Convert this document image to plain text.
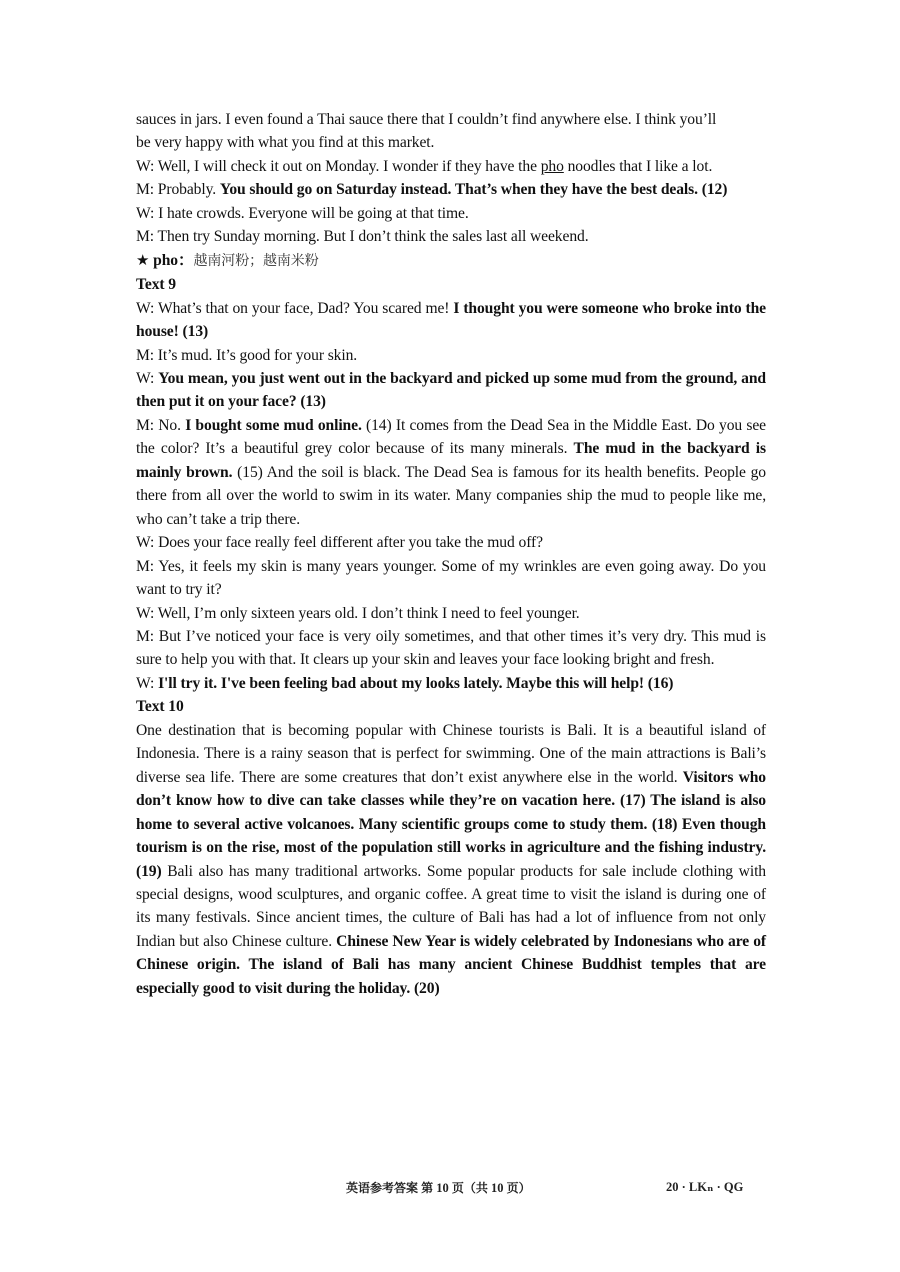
sauces in jars. I even found a Thai sauce there that I couldn’t find anywhere else. I think you’ll

be very happy with what you find at this market.

W: Well, I will check it out on Monday. I wonder if they have the pho noodles that I like a lot.

M: Probably. You should go on Saturday instead. That’s when they have the best deals. (12)

W: I hate crowds. Everyone will be going at that time.

M: Then try Sunday morning. But I don’t think the sales last all weekend.

★ pho：越南河粉；越南米粉

Text 9

W: What’s that on your face, Dad? You scared me! I thought you were someone who broke into the house! (13)

M: It’s mud. It’s good for your skin.

W: You mean, you just went out in the backyard and picked up some mud from the ground, and then put it on your face? (13)

M: No. I bought some mud online. (14) It comes from the Dead Sea in the Middle East. Do you see the color? It’s a beautiful grey color because of its many minerals. The mud in the backyard is mainly brown. (15) And the soil is black. The Dead Sea is famous for its health benefits. People go there from all over the world to swim in its water. Many companies ship the mud to people like me, who can’t take a trip there.

W: Does your face really feel different after you take the mud off?

M: Yes, it feels my skin is many years younger. Some of my wrinkles are even going away. Do you want to try it?

W: Well, I’m only sixteen years old. I don’t think I need to feel younger.

M: But I’ve noticed your face is very oily sometimes, and that other times it’s very dry. This mud is sure to help you with that. It clears up your skin and leaves your face looking bright and fresh.

W: I'll try it. I've been feeling bad about my looks lately. Maybe this will help! (16)

Text 10

One destination that is becoming popular with Chinese tourists is Bali. It is a beautiful island of Indonesia. There is a rainy season that is perfect for swimming. One of the main attractions is Bali’s diverse sea life. There are some creatures that don’t exist anywhere else in the world. Visitors who don’t know how to dive can take classes while they’re on vacation here. (17) The island is also home to several active volcanoes. Many scientific groups come to study them. (18) Even though tourism is on the rise, most of the population still works in agriculture and the fishing industry. (19) Bali also has many traditional artworks. Some popular products for sale include clothing with special designs, wood sculptures, and organic coffee. A great time to visit the island is during one of its many festivals. Since ancient times, the culture of Bali has had a lot of influence from not only Indian but also Chinese culture. Chinese New Year is widely celebrated by Indonesians who are of Chinese origin. The island of Bali has many ancient Chinese Buddhist temples that are especially good to visit during the holiday. (20)

英语参考答案 第 10 页（共 10 页）	20 · LKₙ · QG
